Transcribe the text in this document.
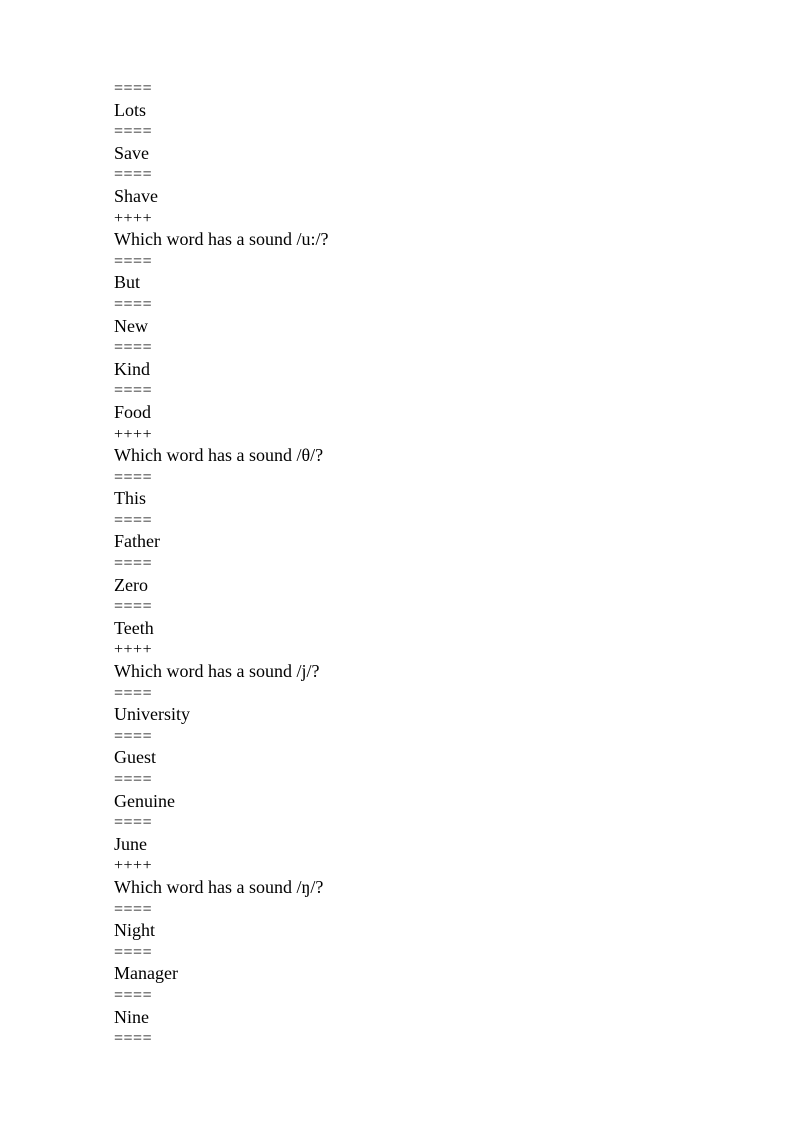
====
Lots
====
Save
====
Shave
++++
Which word has a sound /u:/?
====
But
====
New
====
Kind
====
Food
++++
Which word has a sound /θ/?
====
This
====
Father
====
Zero
====
Teeth
++++
Which word has a sound /j/?
====
University
====
Guest
====
Genuine
====
June
++++
Which word has a sound /ŋ/?
====
Night
====
Manager
====
Nine
====
